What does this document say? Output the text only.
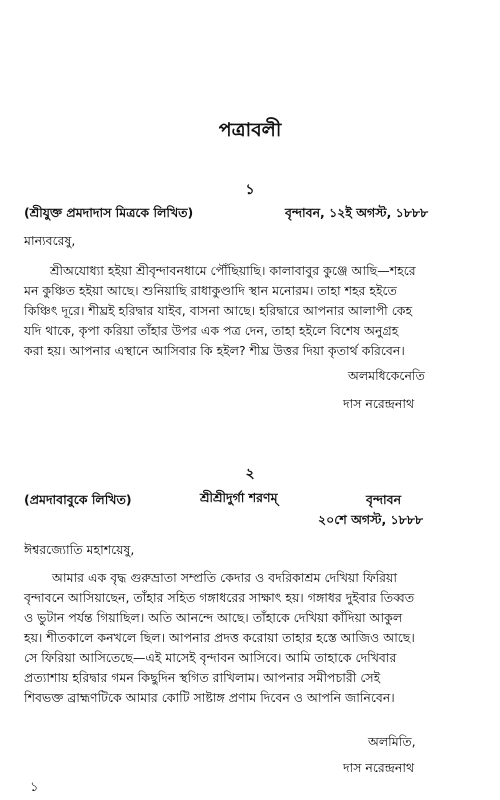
পত্রাবলী
১
(শ্রীযুক্ত প্রমদাদাস মিত্রকে লিখিত)	বৃন্দাবন, ১২ই অগস্ট, ১৮৮৮
মান্যবরেষু,
শ্রীঅযোধ্যা হইয়া শ্রীবৃন্দাবনধামে পৌঁছিয়াছি। কালাবাবুর কুঞ্জে আছি—শহরে
মন কুঞ্চিত হইয়া আছে। শুনিয়াছি রাধাকুণ্ডাদি স্থান মনোরম। তাহা শহর হইতে
কিঞ্চিৎ দূরে। শীঘ্রই হরিদ্বার যাইব, বাসনা আছে। হরিদ্বারে আপনার আলাপী কেহ
যদি থাকে, কৃপা করিয়া তাঁহার উপর এক পত্র দেন, তাহা হইলে বিশেষ অনুগ্রহ
করা হয়। আপনার এস্থানে আসিবার কি হইল? শীঘ্র উত্তর দিয়া কৃতার্থ করিবেন।
অলমধিকেনেতি
দাস নরেন্দ্রনাথ
২
(প্রমদাবাবুকে লিখিত)	শ্রীশ্রীদুর্গা শরণম্	বৃন্দাবন
২০শে অগস্ট, ১৮৮৮
ঈশ্বরজ্যোতি মহাশয়েষু,
আমার এক বৃদ্ধ গুরুভ্রাতা সম্প্রতি কেদার ও বদরিকাশ্রম দেখিয়া ফিরিয়া
বৃন্দাবনে আসিয়াছেন, তাঁহার সহিত গঙ্গাধরের সাক্ষাৎ হয়। গঙ্গাধর দুইবার তিব্বত
ও ভুটান পর্যন্ত গিয়াছিল। অতি আনন্দে আছে। তাঁহাকে দেখিয়া কাঁদিয়া আকুল
হয়। শীতকালে কনখলে ছিল। আপনার প্রদত্ত করোয়া তাহার হস্তে আজিও আছে।
সে ফিরিয়া আসিতেছে—এই মাসেই বৃন্দাবন আসিবে। আমি তাহাকে দেখিবার
প্রত্যাশায় হরিদ্বার গমন কিছুদিন স্থগিত রাখিলাম। আপনার সমীপচারী সেই
শিবভক্ত ব্রাহ্মণটিকে আমার কোটি সাষ্টাঙ্গ প্রণাম দিবেন ও আপনি জানিবেন।
অলমিতি,
দাস নরেন্দ্রনাথ
১
